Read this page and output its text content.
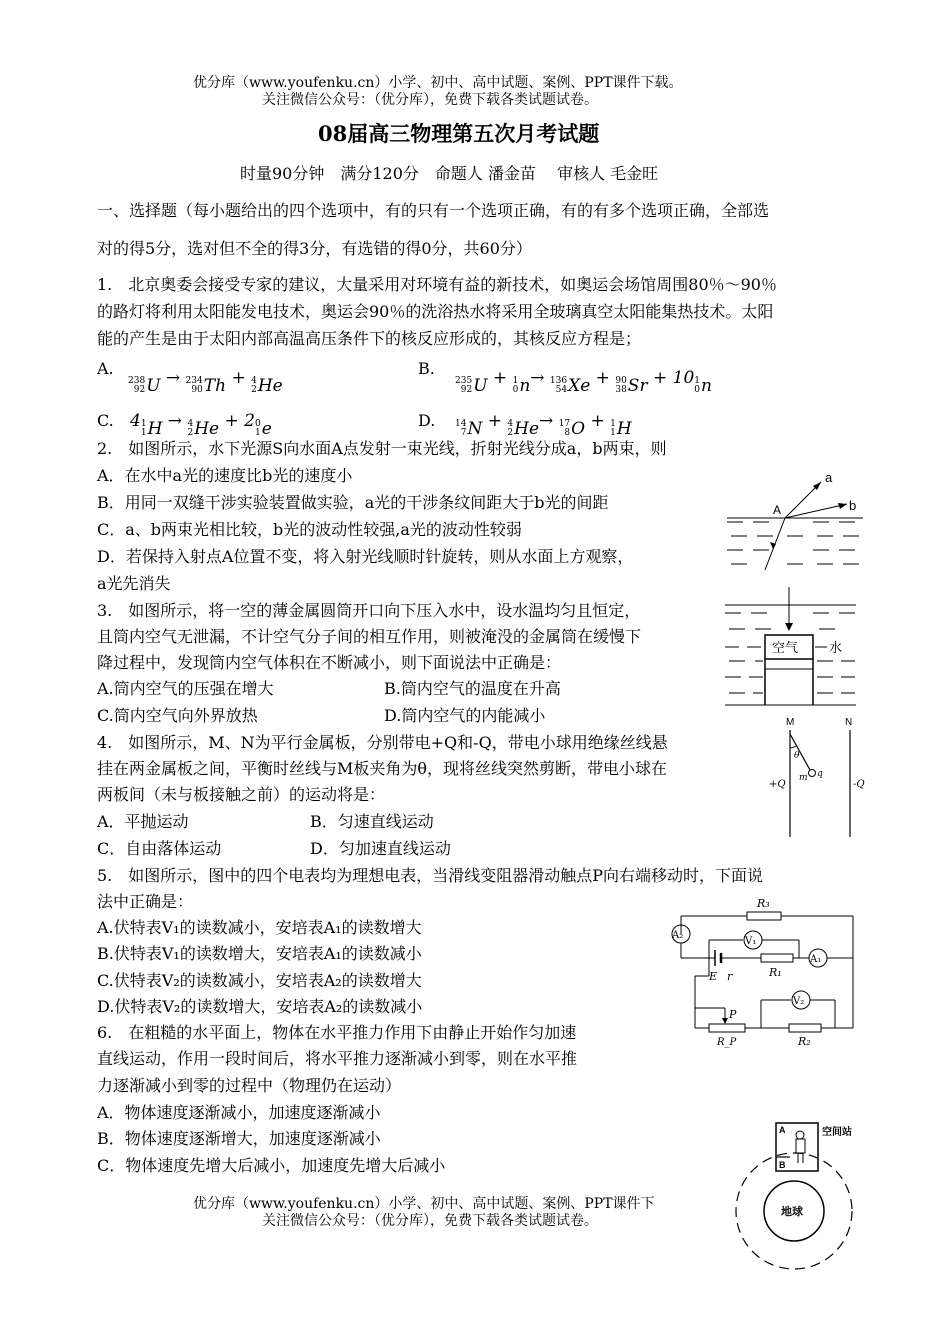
优分库（www.youfenku.cn）小学、初中、高中试题、案例、PPT课件下载。
关注微信公众号：（优分库），免费下载各类试题试卷。
08届高三物理第五次月考试题
时量90分钟　满分120分　命题人 潘金苗　 审核人 毛金旺
一、选择题（每小题给出的四个选项中，有的只有一个选项正确，有的有多个选项正确，全部选
对的得5分，选对但不全的得3分，有选错的得0分，共60分）
1.　北京奥委会接受专家的建议，大量采用对环境有益的新技术，如奥运会场馆周围80％～90％
的路灯将利用太阳能发电技术，奥运会90％的洗浴热水将采用全玻璃真空太阳能集热技术。太阳
能的产生是由于太阳内部高温高压条件下的核反应形成的，其核反应方程是；
A.
238
92 U → 234
90 Th + 4
2 He
B.
235
92 U + 1
0 n→ 136
54 Xe + 90
38 Sr + 10 1
0 n
C. 4 1
1 H → 4
2 He + 2 0
1 e	D. 14
7 N + 4
2 He→ 17
8 O + 1
1 H
2.　如图所示，水下光源S向水面A点发射一束光线，折射光线分成a，b两束，则
A．在水中a光的速度比b光的速度小
B．用同一双缝干涉实验装置做实验，a光的干涉条纹间距大于b光的间距
C．a、b两束光相比较，b光的波动性较强,a光的波动性较弱
D．若保持入射点A位置不变，将入射光线顺时针旋转，则从水面上方观察，
a光先消失
a
b
A
3.　如图所示，将一空的薄金属圆筒开口向下压入水中，设水温均匀且恒定，
且筒内空气无泄漏，不计空气分子间的相互作用，则被淹没的金属筒在缓慢下
降过程中，发现筒内空气体积在不断减小，则下面说法中正确是：
A.筒内空气的压强在增大	B.筒内空气的温度在升高
C.筒内空气向外界放热	D.筒内空气的内能减小
空气 水
4.　如图所示，M、N为平行金属板，分别带电+Q和-Q，带电小球用绝缘丝线悬
挂在两金属板之间，平衡时丝线与M板夹角为θ，现将丝线突然剪断，带电小球在
两板间（未与板接触之前）的运动将是：
A．平抛运动	B．匀速直线运动
C．自由落体运动	D．匀加速直线运动
M	N
θ
m q
+Q	-Q
5.　如图所示，图中的四个电表均为理想电表，当滑线变阻器滑动触点P向右端移动时，下面说
法中正确是：
A.伏特表V₁的读数减小，安培表A₁的读数增大
B.伏特表V₁的读数增大，安培表A₁的读数减小
C.伏特表V₂的读数减小，安培表A₂的读数增大
D.伏特表V₂的读数增大，安培表A₂的读数减小
R₃
A₂
V₁
A₁
E r	R₁
V₂
P
R_P	R₂
6.　在粗糙的水平面上，物体在水平推力作用下由静止开始作匀加速
直线运动，作用一段时间后，将水平推力逐渐减小到零，则在水平推
力逐渐减小到零的过程中（物理仍在运动）
A．物体速度逐渐减小，加速度逐渐减小
B．物体速度逐渐增大，加速度逐渐减小
C．物体速度先增大后减小，加速度先增大后减小
A
B
空间站
地球
优分库（www.youfenku.cn）小学、初中、高中试题、案例、PPT课件下
关注微信公众号：（优分库），免费下载各类试题试卷。
